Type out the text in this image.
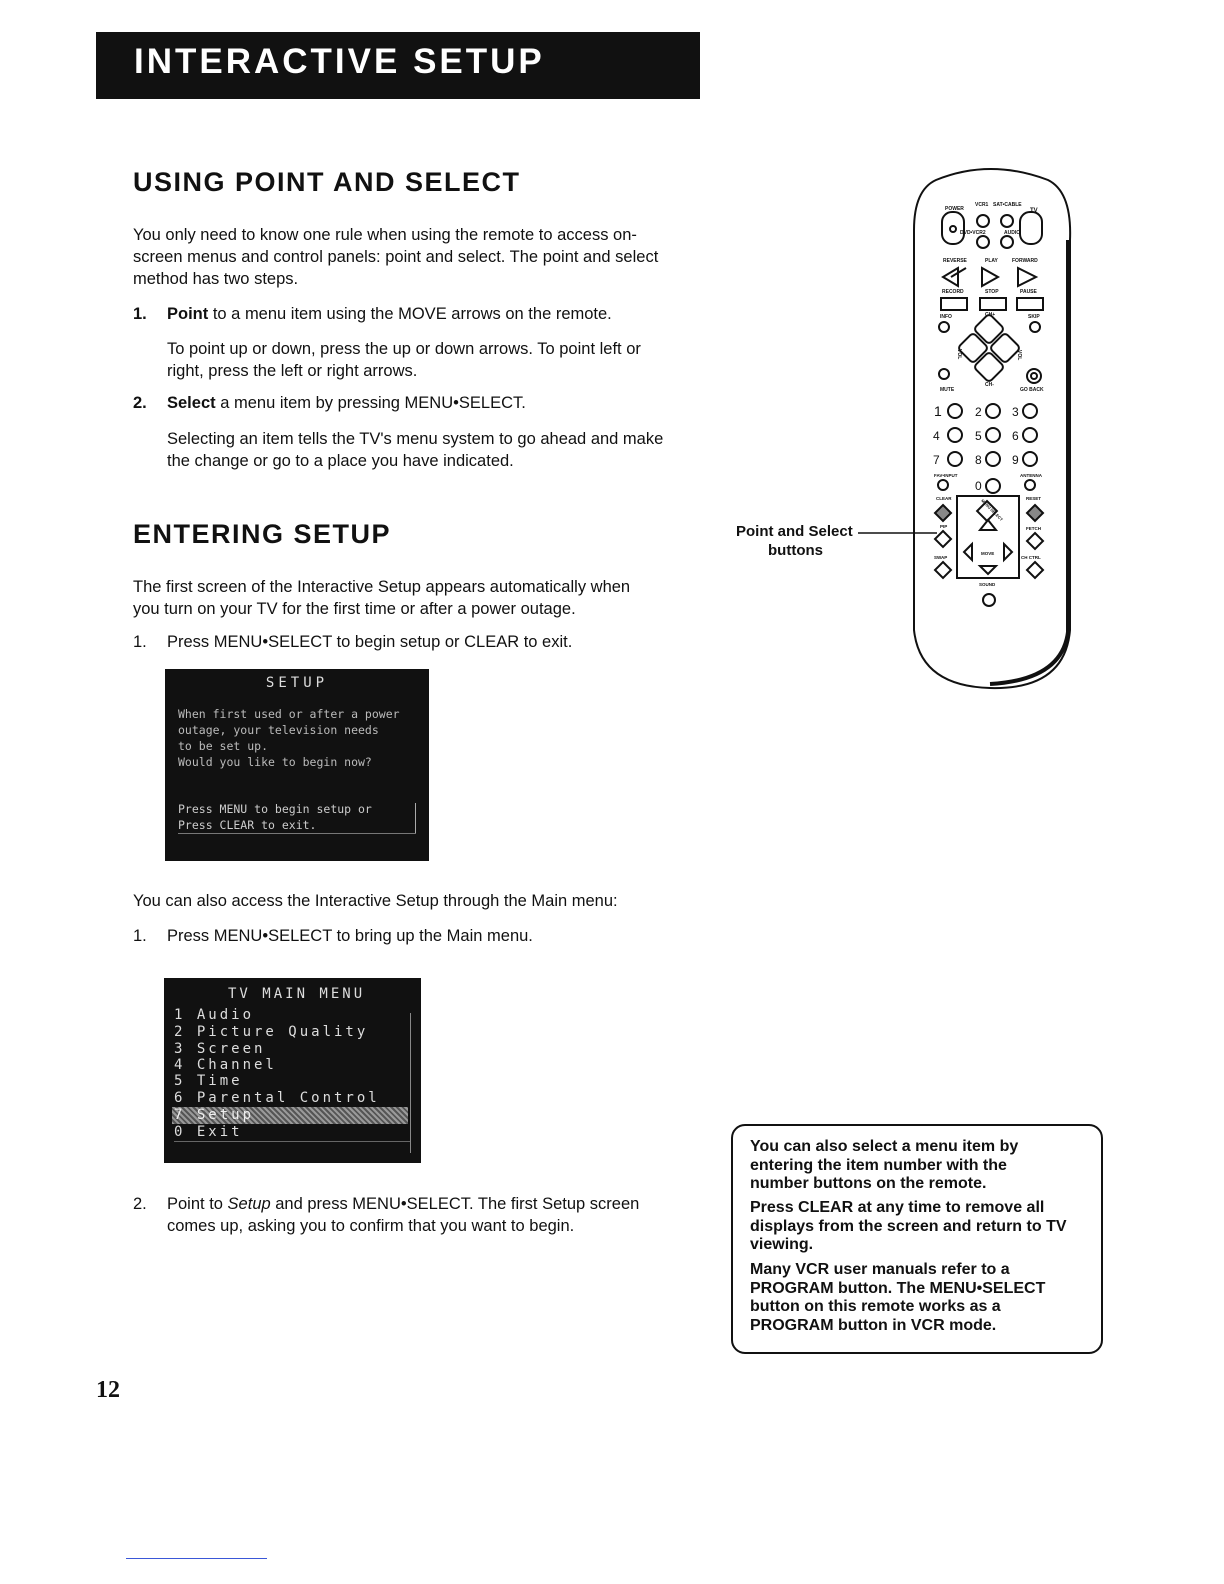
INTERACTIVE SETUP
USING POINT AND SELECT
You only need to know one rule when using the remote to access on-
screen menus and control panels: point and select. The point and select
method has two steps.
1. Point to a menu item using the MOVE arrows on the remote.
To point up or down, press the up or down arrows. To point left or
right, press the left or right arrows.
2. Select a menu item by pressing MENU•SELECT.
Selecting an item tells the TV's menu system to go ahead and make
the change or go to a place you have indicated.
ENTERING SETUP
The first screen of the Interactive Setup appears automatically when
you turn on your TV for the first time or after a power outage.
1. Press MENU•SELECT to begin setup or CLEAR to exit.
SETUP
When first used or after a power
outage, your television needs
to be set up.
Would you like to begin now?
Press MENU to begin setup or
Press CLEAR to exit.
You can also access the Interactive Setup through the Main menu:
1. Press MENU•SELECT to bring up the Main menu.
TV MAIN MENU
1 Audio
2 Picture Quality
3 Screen
4 Channel
5 Time
6 Parental Control
7 Setup
0 Exit
2. Point to Setup and press MENU•SELECT. The first Setup screen
comes up, asking you to confirm that you want to begin.
Point and Select
buttons
POWER
VCR1 SAT•CABLE
TV
DVD•VCR2	AUDIO
REVERSE	PLAY	FORWARD
RECORD	STOP	PAUSE
INFO	CH+	SKIP
VOL	VOL
MUTE
CH-
GO BACK
1	2	3
4	5	6
7	8	9
0
FAV•INPUT	ANTENNA
CLEAR	RESET
PIP	FETCH
SWAP	CH CTRL
MENU SELECT
MOVE
SOUND
You can also select a menu item by
entering the item number with the
number buttons on the remote.
Press CLEAR at any time to remove all
displays from the screen and return to TV
viewing.
Many VCR user manuals refer to a
PROGRAM button. The MENU•SELECT
button on this remote works as a
PROGRAM button in VCR mode.
12
